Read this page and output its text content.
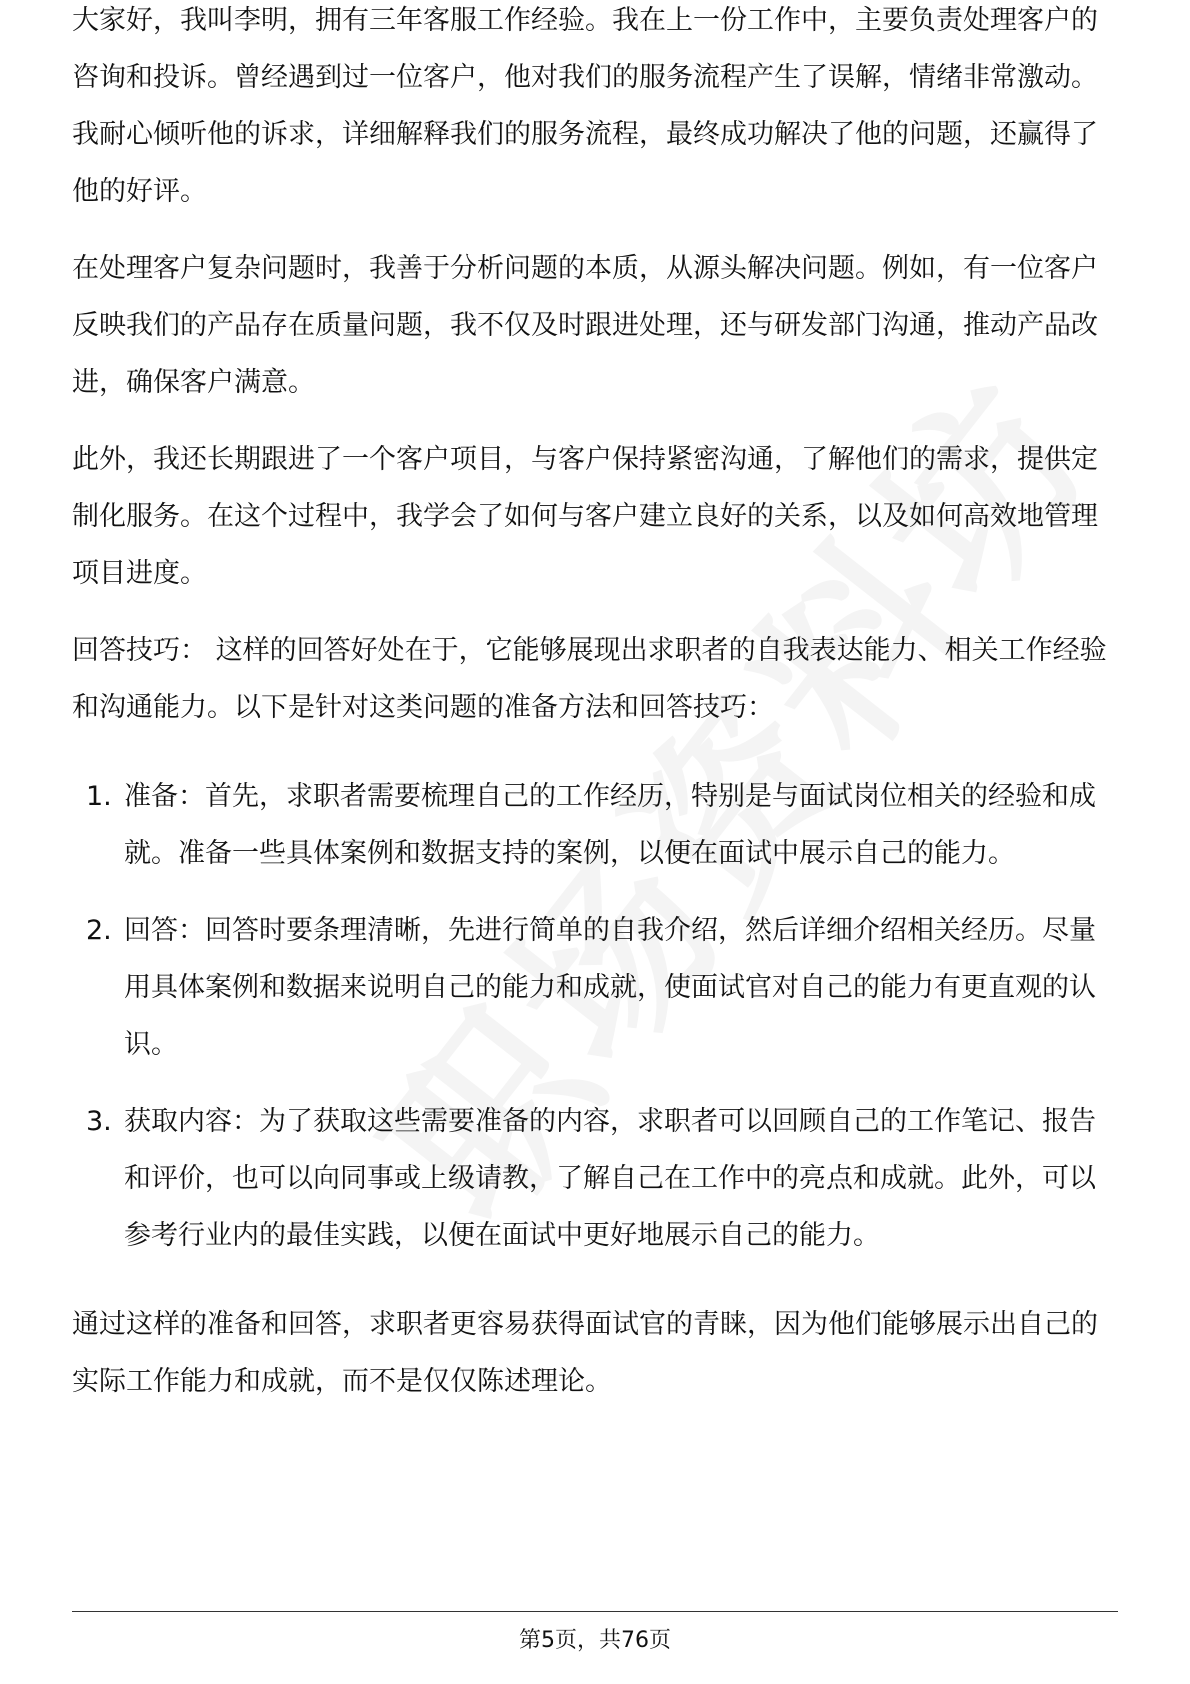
大家好，我叫李明，拥有三年客服工作经验。我在上一份工作中，主要负责处理客户的咨询和投诉。曾经遇到过一位客户，他对我们的服务流程产生了误解，情绪非常激动。我耐心倾听他的诉求，详细解释我们的服务流程，最终成功解决了他的问题，还赢得了他的好评。

在处理客户复杂问题时，我善于分析问题的本质，从源头解决问题。例如，有一位客户反映我们的产品存在质量问题，我不仅及时跟进处理，还与研发部门沟通，推动产品改进，确保客户满意。

此外，我还长期跟进了一个客户项目，与客户保持紧密沟通，了解他们的需求，提供定制化服务。在这个过程中，我学会了如何与客户建立良好的关系，以及如何高效地管理项目进度。

回答技巧： 这样的回答好处在于，它能够展现出求职者的自我表达能力、相关工作经验和沟通能力。以下是针对这类问题的准备方法和回答技巧：

1. 准备：首先，求职者需要梳理自己的工作经历，特别是与面试岗位相关的经验和成就。准备一些具体案例和数据支持的案例，以便在面试中展示自己的能力。
2. 回答：回答时要条理清晰，先进行简单的自我介绍，然后详细介绍相关经历。尽量用具体案例和数据来说明自己的能力和成就，使面试官对自己的能力有更直观的认识。
3. 获取内容：为了获取这些需要准备的内容，求职者可以回顾自己的工作笔记、报告和评价，也可以向同事或上级请教，了解自己在工作中的亮点和成就。此外，可以参考行业内的最佳实践，以便在面试中更好地展示自己的能力。

通过这样的准备和回答，求职者更容易获得面试官的青睐，因为他们能够展示出自己的实际工作能力和成就，而不是仅仅陈述理论。

第5页，共76页
